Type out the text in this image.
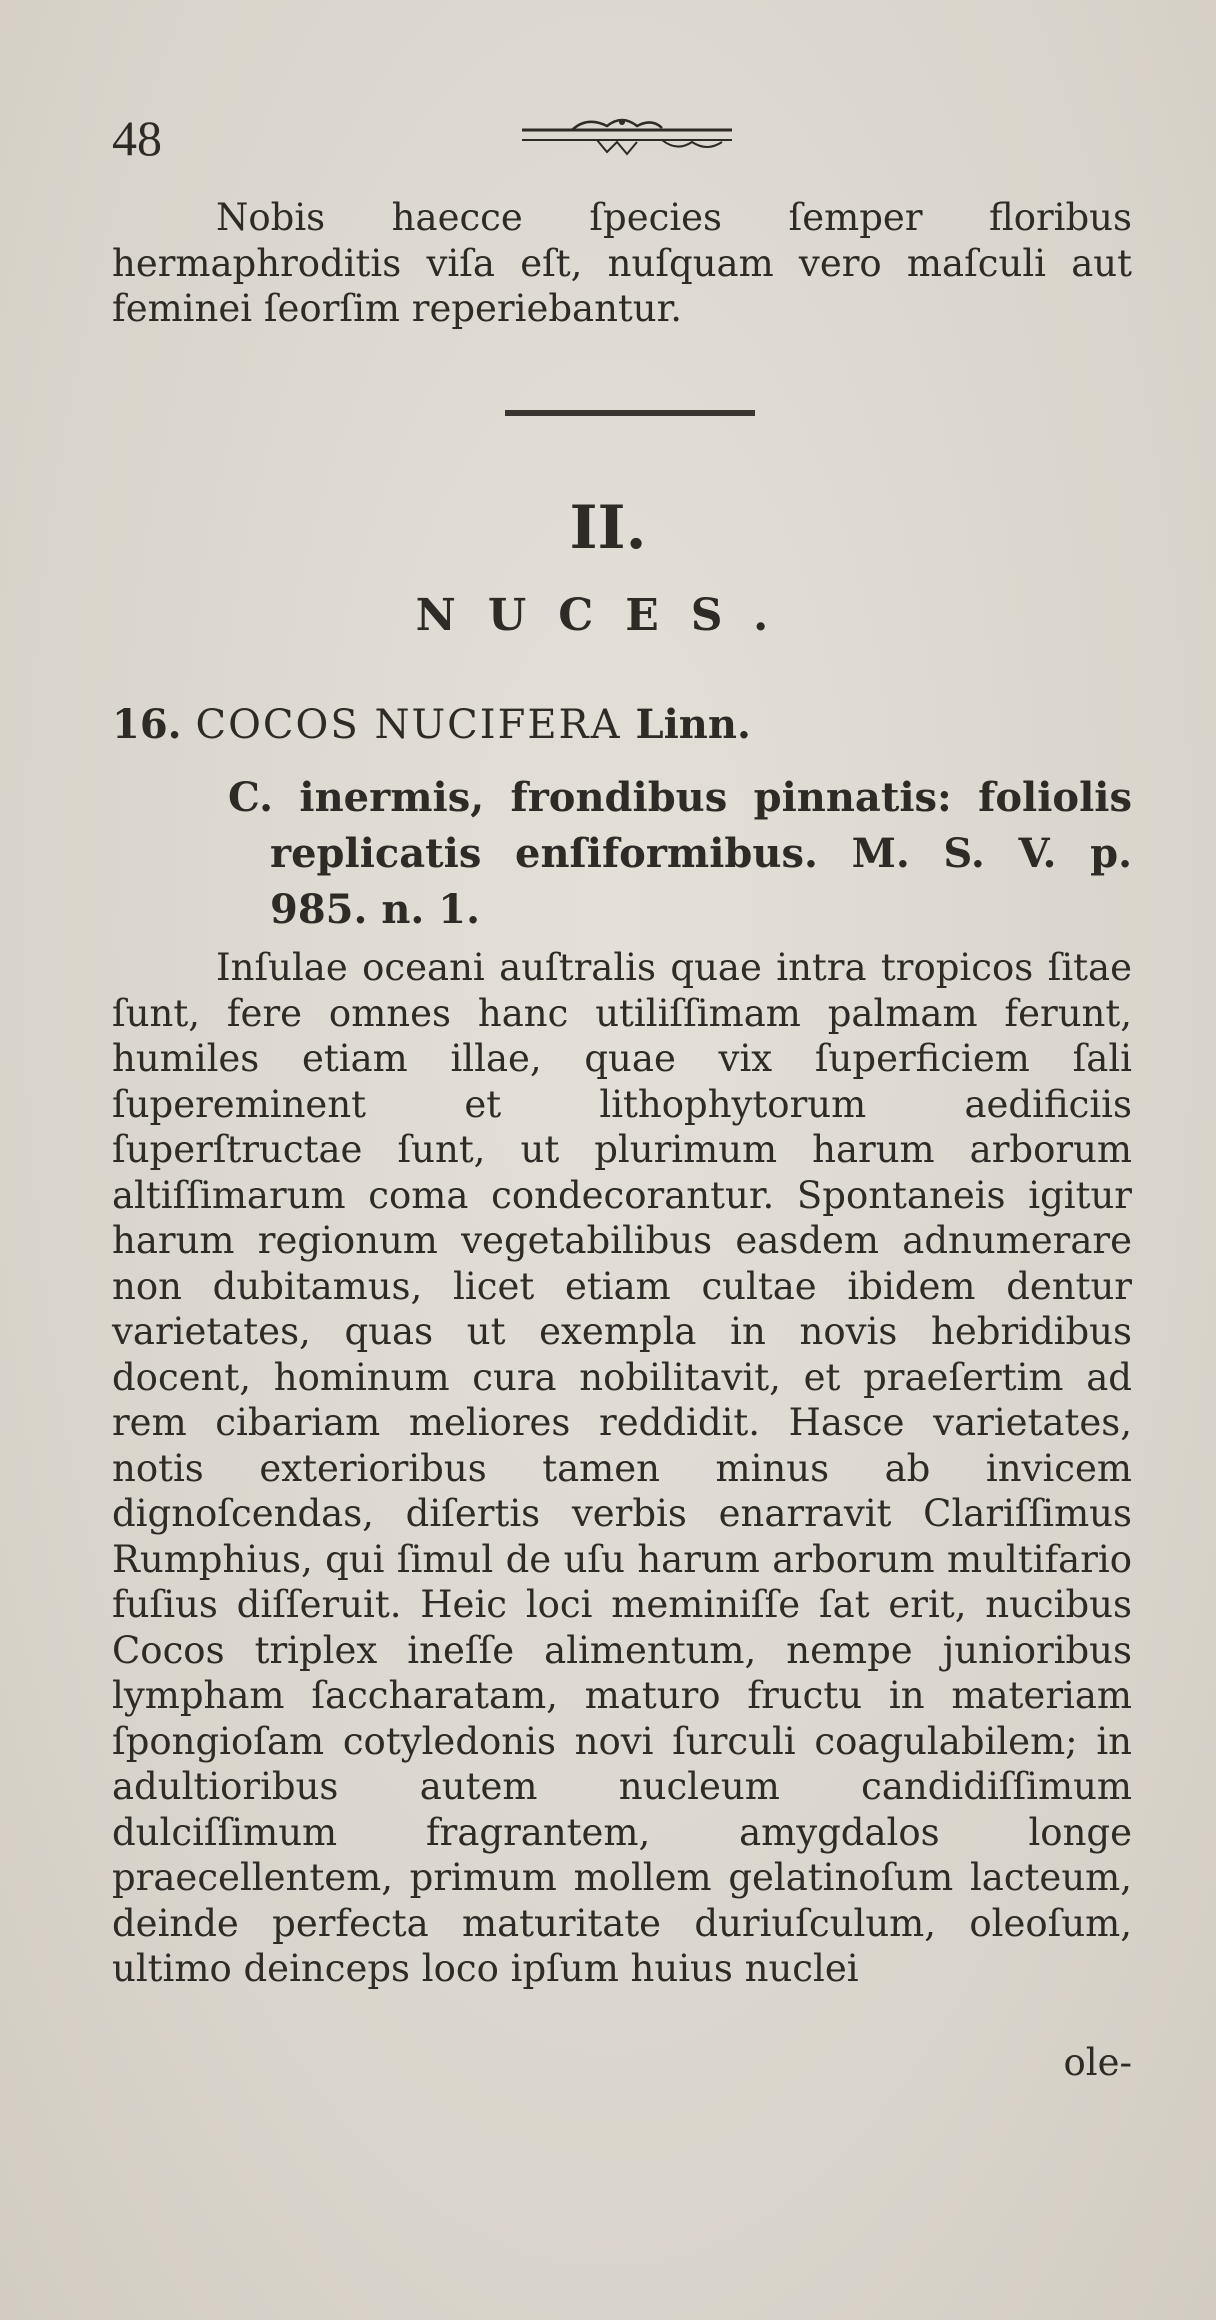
48

Nobis haecce ſpecies ſemper floribus hermaphroditis viſa eſt, nuſquam vero maſculi aut feminei ſeorſim reperiebantur.

II.
NUCES.
16. COCOS NUCIFERA Linn.

C. inermis, frondibus pinnatis: foliolis replicatis enſiformibus. M. S. V. p. 985. n. 1.

Inſulae oceani auſtralis quae intra tropicos ſitae ſunt, fere omnes hanc utiliſſimam palmam ferunt, humiles etiam illae, quae vix ſuperficiem ſali ſupereminent et lithophytorum aedificiis ſuperſtructae ſunt, ut plurimum harum arborum altiſſimarum coma condecorantur. Spontaneis igitur harum regionum vegetabilibus easdem adnumerare non dubitamus, licet etiam cultae ibidem dentur varietates, quas ut exempla in novis hebridibus docent, hominum cura nobilitavit, et praeſertim ad rem cibariam meliores reddidit. Hasce varietates, notis exterioribus tamen minus ab invicem dignoſcendas, diſertis verbis enarravit Clariſſimus Rumphius, qui ſimul de uſu harum arborum multifario fuſius diſſeruit. Heic loci meminiſſe ſat erit, nucibus Cocos triplex ineſſe alimentum, nempe junioribus lympham ſaccharatam, maturo fructu in materiam ſpongioſam cotyledonis novi ſurculi coagulabilem; in adultioribus autem nucleum candidiſſimum dulciſſimum fragrantem, amygdalos longe praecellentem, primum mollem gelatinoſum lacteum, deinde perfecta maturitate duriuſculum, oleoſum, ultimo deinceps loco ipſum huius nuclei

ole-
